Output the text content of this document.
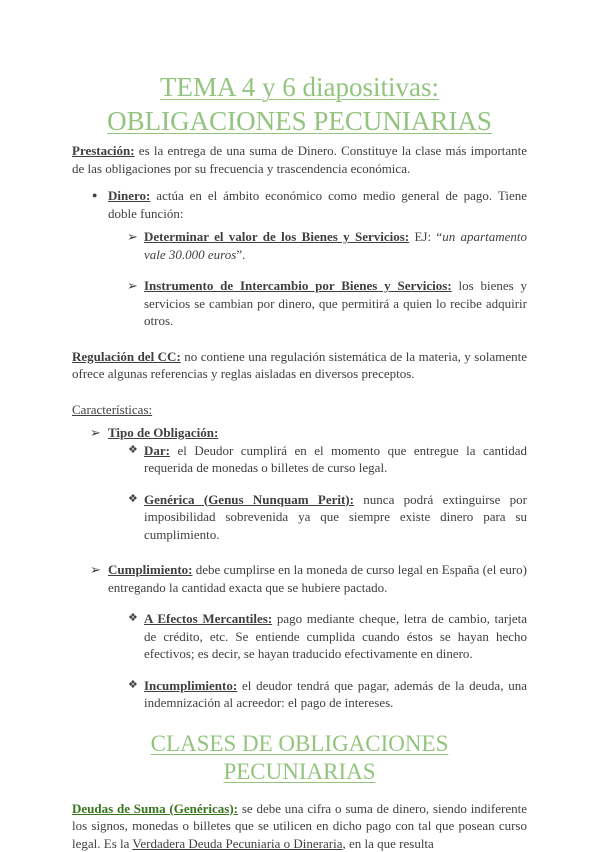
TEMA 4 y 6 diapositivas:
OBLIGACIONES PECUNIARIAS

Prestación: es la entrega de una suma de Dinero. Constituye la clase más importante de las obligaciones por su frecuencia y trascendencia económica.

● Dinero: actúa en el ámbito económico como medio general de pago. Tiene doble función:

➢ Determinar el valor de los Bienes y Servicios: EJ: “un apartamento vale 30.000 euros”.

➢ Instrumento de Intercambio por Bienes y Servicios: los bienes y servicios se cambian por dinero, que permitirá a quien lo recibe adquirir otros.

Regulación del CC: no contiene una regulación sistemática de la materia, y solamente ofrece algunas referencias y reglas aisladas en diversos preceptos.

Características:

➢ Tipo de Obligación:

❖ Dar: el Deudor cumplirá en el momento que entregue la cantidad requerida de monedas o billetes de curso legal.

❖ Genérica (Genus Nunquam Perit): nunca podrá extinguirse por imposibilidad sobrevenida ya que siempre existe dinero para su cumplimiento.

➢ Cumplimiento: debe cumplirse en la moneda de curso legal en España (el euro) entregando la cantidad exacta que se hubiere pactado.

❖ A Efectos Mercantiles: pago mediante cheque, letra de cambio, tarjeta de crédito, etc. Se entiende cumplida cuando éstos se hayan hecho efectivos; es decir, se hayan traducido efectivamente en dinero.

❖ Incumplimiento: el deudor tendrá que pagar, además de la deuda, una indemnización al acreedor: el pago de intereses.

CLASES DE OBLIGACIONES PECUNIARIAS

Deudas de Suma (Genéricas): se debe una cifra o suma de dinero, siendo indiferente los signos, monedas o billetes que se utilicen en dicho pago con tal que posean curso legal. Es la Verdadera Deuda Pecuniaria o Dineraria, en la que resulta
